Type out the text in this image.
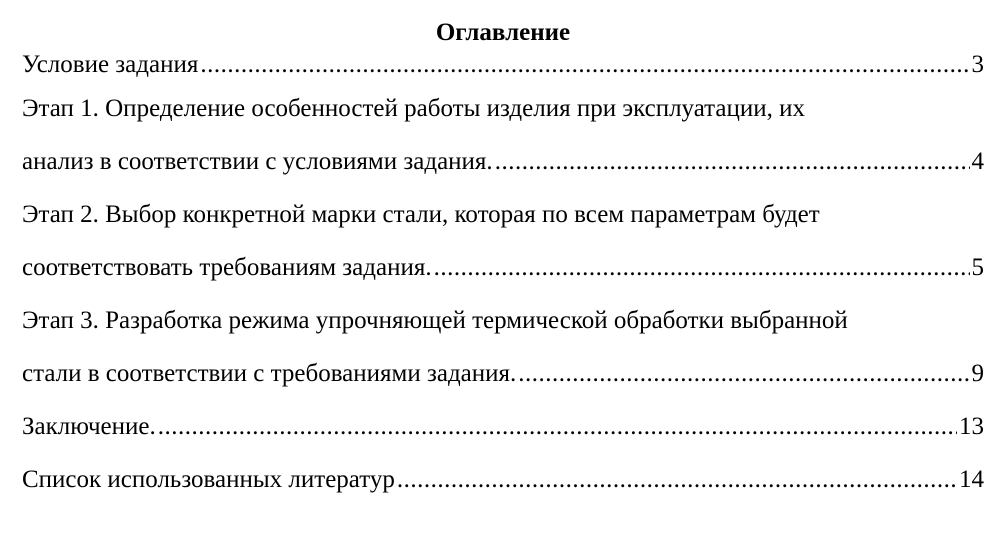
Оглавление
Условие задания .....	3
Этап 1. Определение особенностей работы изделия при эксплуатации, их
анализ в соответствии с условиями задания. .....	4
Этап 2. Выбор конкретной марки стали, которая по всем параметрам будет
соответствовать требованиям задания. .....	5
Этап 3. Разработка режима упрочняющей термической обработки выбранной
стали в соответствии с требованиями задания. .....	9
Заключение. .....	13
Список использованных литератур .....	14
